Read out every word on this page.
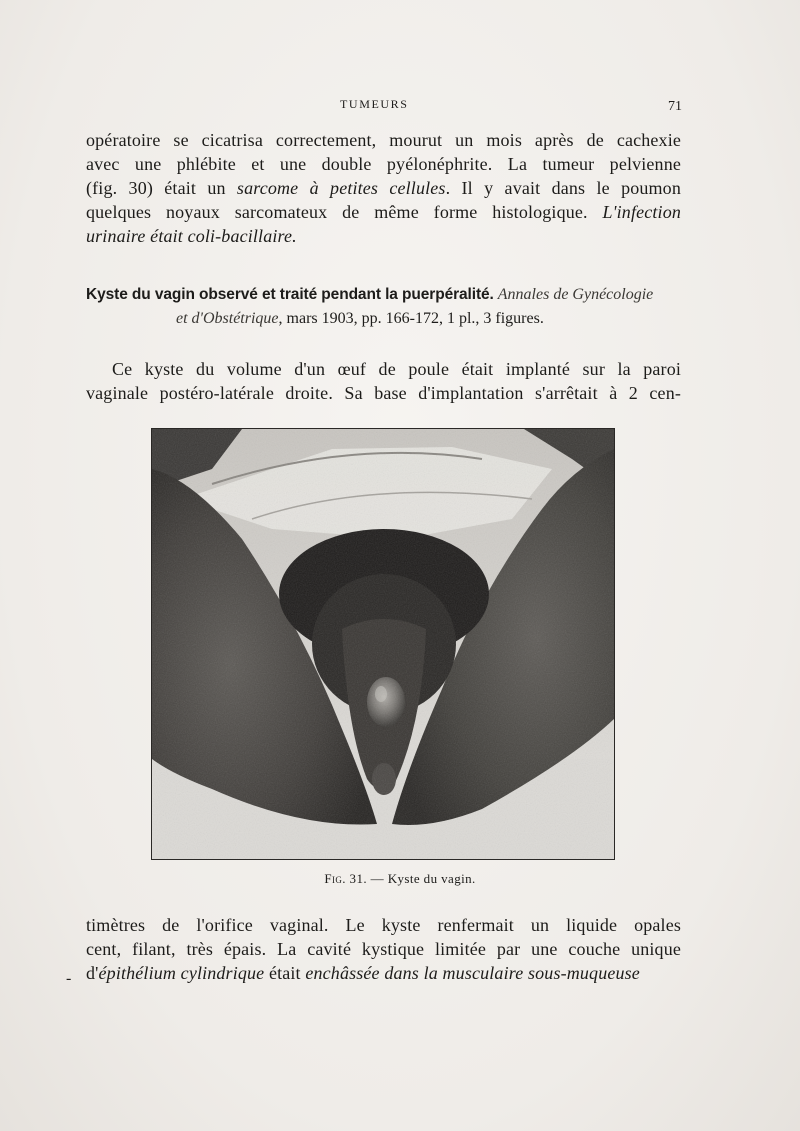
TUMEURS	71
opératoire se cicatrisa correctement, mourut un mois après de cachexie
avec une phlébite et une double pyélonéphrite. La tumeur pelvienne
(fig. 30) était un sarcome à petites cellules. Il y avait dans le poumon
quelques noyaux sarcomateux de même forme histologique. L'infection
urinaire était coli-bacillaire.
Kyste du vagin observé et traité pendant la puerpéralité. Annales de Gynécologie
et d'Obstétrique, mars 1903, pp. 166-172, 1 pl., 3 figures.
Ce kyste du volume d'un œuf de poule était implanté sur la paroi
vaginale postéro-latérale droite. Sa base d'implantation s'arrêtait à 2 cen-
Fig. 31. — Kyste du vagin.
timètres de l'orifice vaginal. Le kyste renfermait un liquide opales
cent, filant, très épais. La cavité kystique limitée par une couche unique
d'épithélium cylindrique était enchâssée dans la musculaire sous-muqueuse
-
